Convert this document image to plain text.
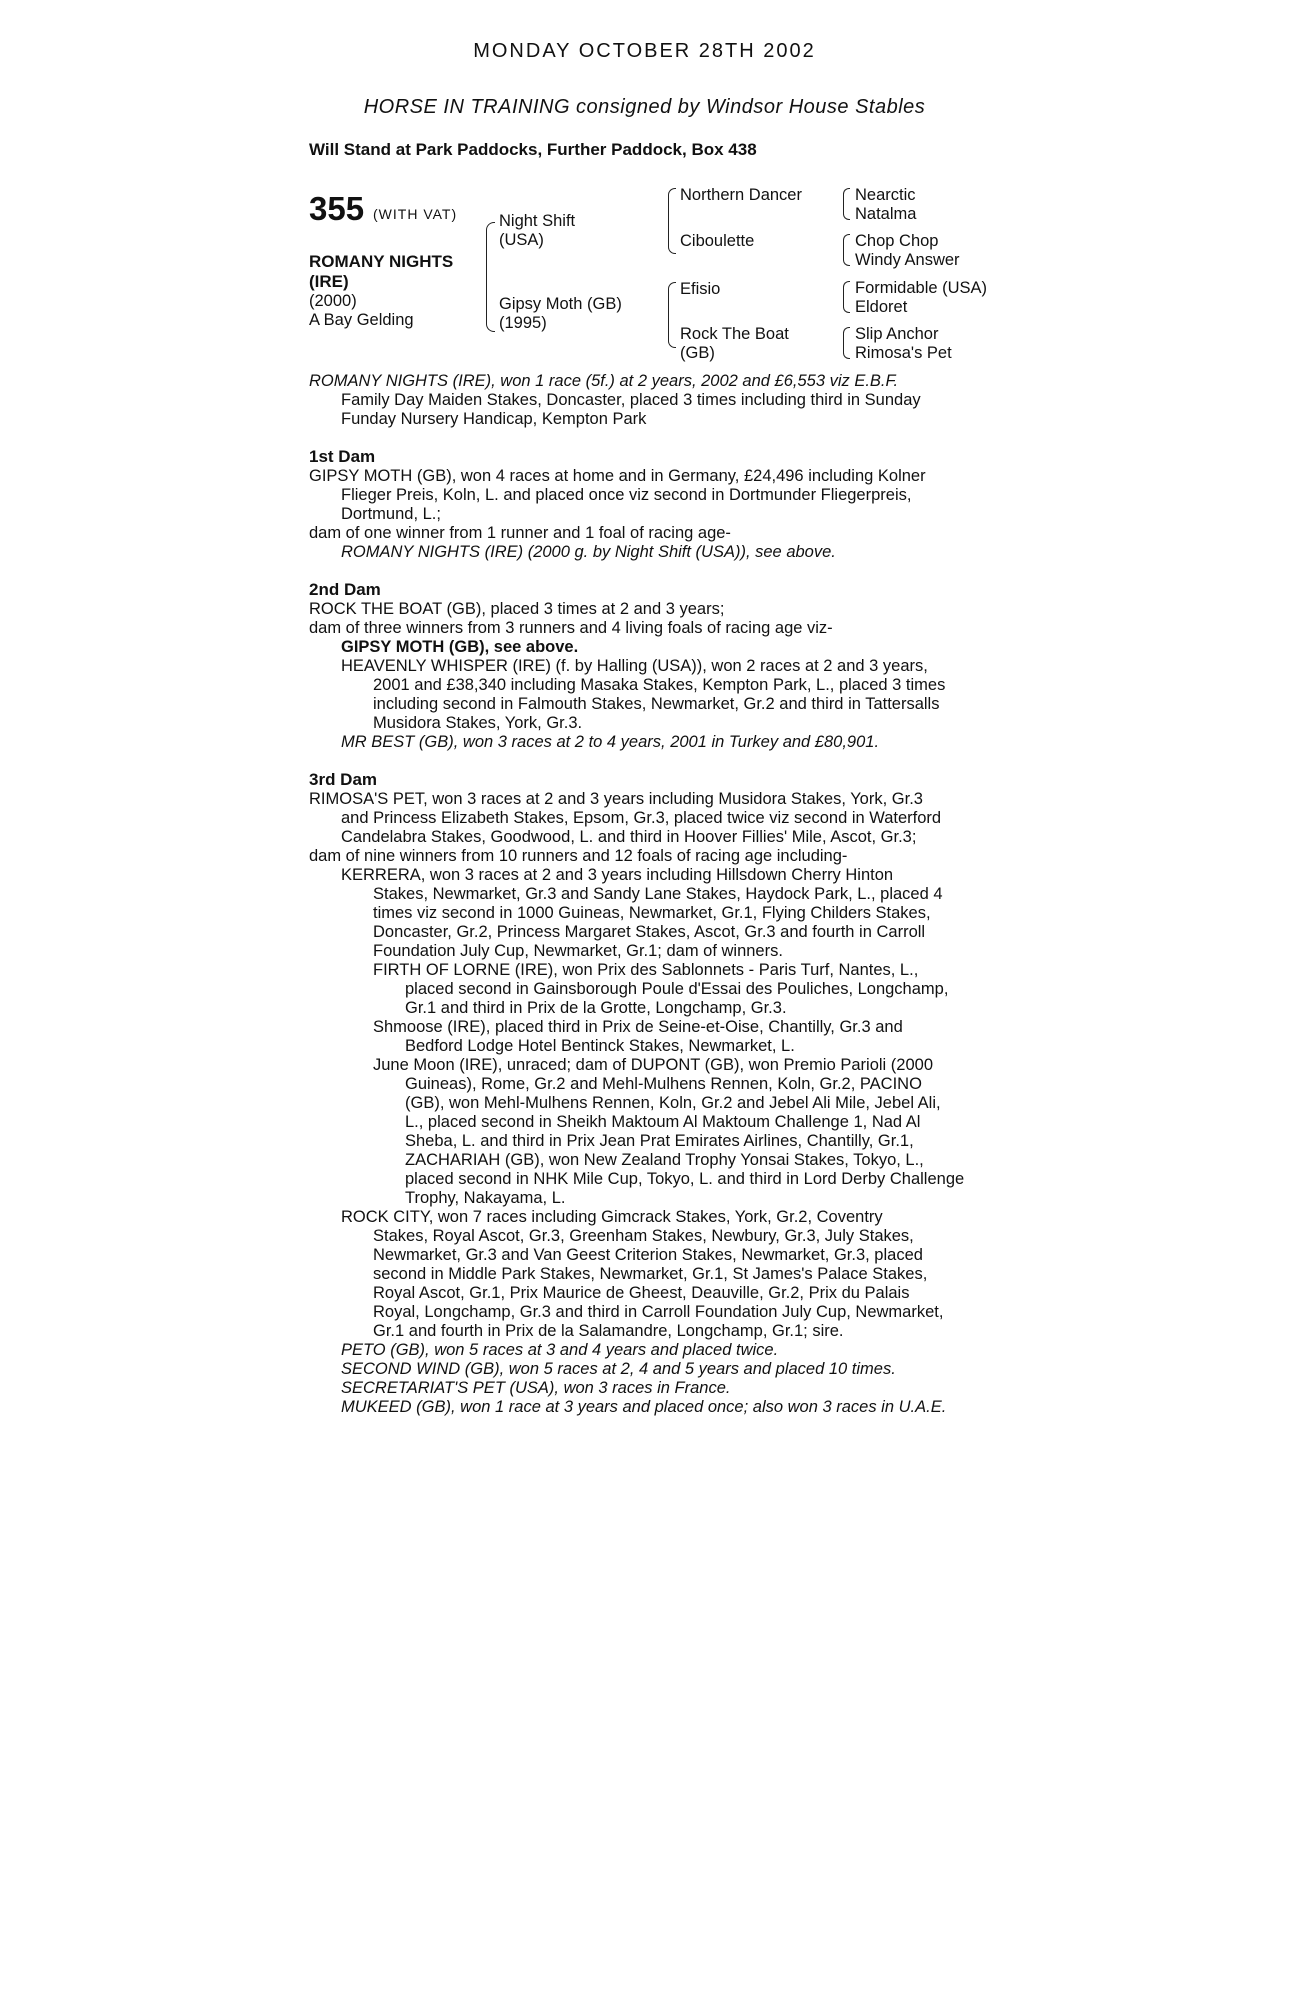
MONDAY OCTOBER 28TH 2002
HORSE IN TRAINING consigned by Windsor House Stables
Will Stand at Park Paddocks, Further Paddock, Box 438
355 (WITH VAT)
ROMANY NIGHTS
(IRE)
(2000)
A Bay Gelding
Night Shift
(USA)
Gipsy Moth (GB)
(1995)
Northern Dancer
Ciboulette
Efisio
Rock The Boat
(GB)
Nearctic
Natalma
Chop Chop
Windy Answer
Formidable (USA)
Eldoret
Slip Anchor
Rimosa's Pet
ROMANY NIGHTS (IRE), won 1 race (5f.) at 2 years, 2002 and £6,553 viz E.B.F.
Family Day Maiden Stakes, Doncaster, placed 3 times including third in Sunday
Funday Nursery Handicap, Kempton Park
1st Dam
GIPSY MOTH (GB), won 4 races at home and in Germany, £24,496 including Kolner
Flieger Preis, Koln, L. and placed once viz second in Dortmunder Fliegerpreis,
Dortmund, L.;
dam of one winner from 1 runner and 1 foal of racing age-
ROMANY NIGHTS (IRE) (2000 g. by Night Shift (USA)), see above.
2nd Dam
ROCK THE BOAT (GB), placed 3 times at 2 and 3 years;
dam of three winners from 3 runners and 4 living foals of racing age viz-
GIPSY MOTH (GB), see above.
HEAVENLY WHISPER (IRE) (f. by Halling (USA)), won 2 races at 2 and 3 years,
2001 and £38,340 including Masaka Stakes, Kempton Park, L., placed 3 times
including second in Falmouth Stakes, Newmarket, Gr.2 and third in Tattersalls
Musidora Stakes, York, Gr.3.
MR BEST (GB), won 3 races at 2 to 4 years, 2001 in Turkey and £80,901.
3rd Dam
RIMOSA'S PET, won 3 races at 2 and 3 years including Musidora Stakes, York, Gr.3
and Princess Elizabeth Stakes, Epsom, Gr.3, placed twice viz second in Waterford
Candelabra Stakes, Goodwood, L. and third in Hoover Fillies' Mile, Ascot, Gr.3;
dam of nine winners from 10 runners and 12 foals of racing age including-
KERRERA, won 3 races at 2 and 3 years including Hillsdown Cherry Hinton
Stakes, Newmarket, Gr.3 and Sandy Lane Stakes, Haydock Park, L., placed 4
times viz second in 1000 Guineas, Newmarket, Gr.1, Flying Childers Stakes,
Doncaster, Gr.2, Princess Margaret Stakes, Ascot, Gr.3 and fourth in Carroll
Foundation July Cup, Newmarket, Gr.1; dam of winners.
FIRTH OF LORNE (IRE), won Prix des Sablonnets - Paris Turf, Nantes, L.,
placed second in Gainsborough Poule d'Essai des Pouliches, Longchamp,
Gr.1 and third in Prix de la Grotte, Longchamp, Gr.3.
Shmoose (IRE), placed third in Prix de Seine-et-Oise, Chantilly, Gr.3 and
Bedford Lodge Hotel Bentinck Stakes, Newmarket, L.
June Moon (IRE), unraced; dam of DUPONT (GB), won Premio Parioli (2000
Guineas), Rome, Gr.2 and Mehl-Mulhens Rennen, Koln, Gr.2, PACINO
(GB), won Mehl-Mulhens Rennen, Koln, Gr.2 and Jebel Ali Mile, Jebel Ali,
L., placed second in Sheikh Maktoum Al Maktoum Challenge 1, Nad Al
Sheba, L. and third in Prix Jean Prat Emirates Airlines, Chantilly, Gr.1,
ZACHARIAH (GB), won New Zealand Trophy Yonsai Stakes, Tokyo, L.,
placed second in NHK Mile Cup, Tokyo, L. and third in Lord Derby Challenge
Trophy, Nakayama, L.
ROCK CITY, won 7 races including Gimcrack Stakes, York, Gr.2, Coventry
Stakes, Royal Ascot, Gr.3, Greenham Stakes, Newbury, Gr.3, July Stakes,
Newmarket, Gr.3 and Van Geest Criterion Stakes, Newmarket, Gr.3, placed
second in Middle Park Stakes, Newmarket, Gr.1, St James's Palace Stakes,
Royal Ascot, Gr.1, Prix Maurice de Gheest, Deauville, Gr.2, Prix du Palais
Royal, Longchamp, Gr.3 and third in Carroll Foundation July Cup, Newmarket,
Gr.1 and fourth in Prix de la Salamandre, Longchamp, Gr.1; sire.
PETO (GB), won 5 races at 3 and 4 years and placed twice.
SECOND WIND (GB), won 5 races at 2, 4 and 5 years and placed 10 times.
SECRETARIAT'S PET (USA), won 3 races in France.
MUKEED (GB), won 1 race at 3 years and placed once; also won 3 races in U.A.E.
